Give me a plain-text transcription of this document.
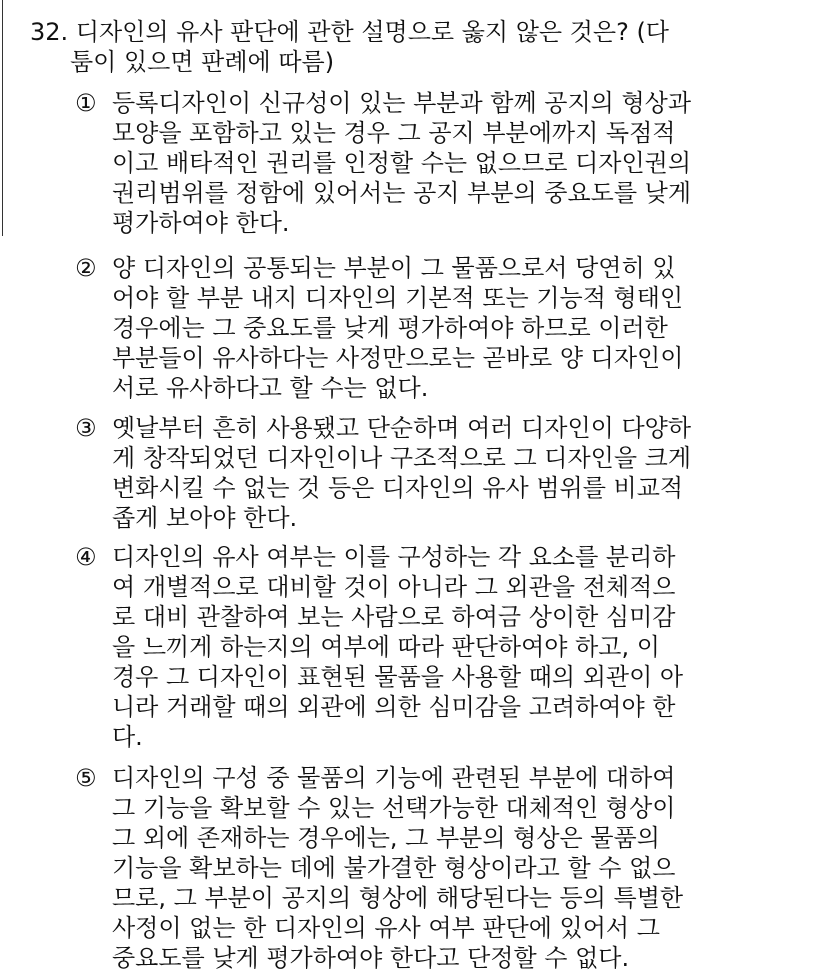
32. 디자인의 유사 판단에 관한 설명으로 옳지 않은 것은? (다
툼이 있으면 판례에 따름)
① 등록디자인이 신규성이 있는 부분과 함께 공지의 형상과
모양을 포함하고 있는 경우 그 공지 부분에까지 독점적
이고 배타적인 권리를 인정할 수는 없으므로 디자인권의
권리범위를 정함에 있어서는 공지 부분의 중요도를 낮게
평가하여야 한다.
② 양 디자인의 공통되는 부분이 그 물품으로서 당연히 있
어야 할 부분 내지 디자인의 기본적 또는 기능적 형태인
경우에는 그 중요도를 낮게 평가하여야 하므로 이러한
부분들이 유사하다는 사정만으로는 곧바로 양 디자인이
서로 유사하다고 할 수는 없다.
③ 옛날부터 흔히 사용됐고 단순하며 여러 디자인이 다양하
게 창작되었던 디자인이나 구조적으로 그 디자인을 크게
변화시킬 수 없는 것 등은 디자인의 유사 범위를 비교적
좁게 보아야 한다.
④ 디자인의 유사 여부는 이를 구성하는 각 요소를 분리하
여 개별적으로 대비할 것이 아니라 그 외관을 전체적으
로 대비 관찰하여 보는 사람으로 하여금 상이한 심미감
을 느끼게 하는지의 여부에 따라 판단하여야 하고, 이
경우 그 디자인이 표현된 물품을 사용할 때의 외관이 아
니라 거래할 때의 외관에 의한 심미감을 고려하여야 한
다.
⑤ 디자인의 구성 중 물품의 기능에 관련된 부분에 대하여
그 기능을 확보할 수 있는 선택가능한 대체적인 형상이
그 외에 존재하는 경우에는, 그 부분의 형상은 물품의
기능을 확보하는 데에 불가결한 형상이라고 할 수 없으
므로, 그 부분이 공지의 형상에 해당된다는 등의 특별한
사정이 없는 한 디자인의 유사 여부 판단에 있어서 그
중요도를 낮게 평가하여야 한다고 단정할 수 없다.
